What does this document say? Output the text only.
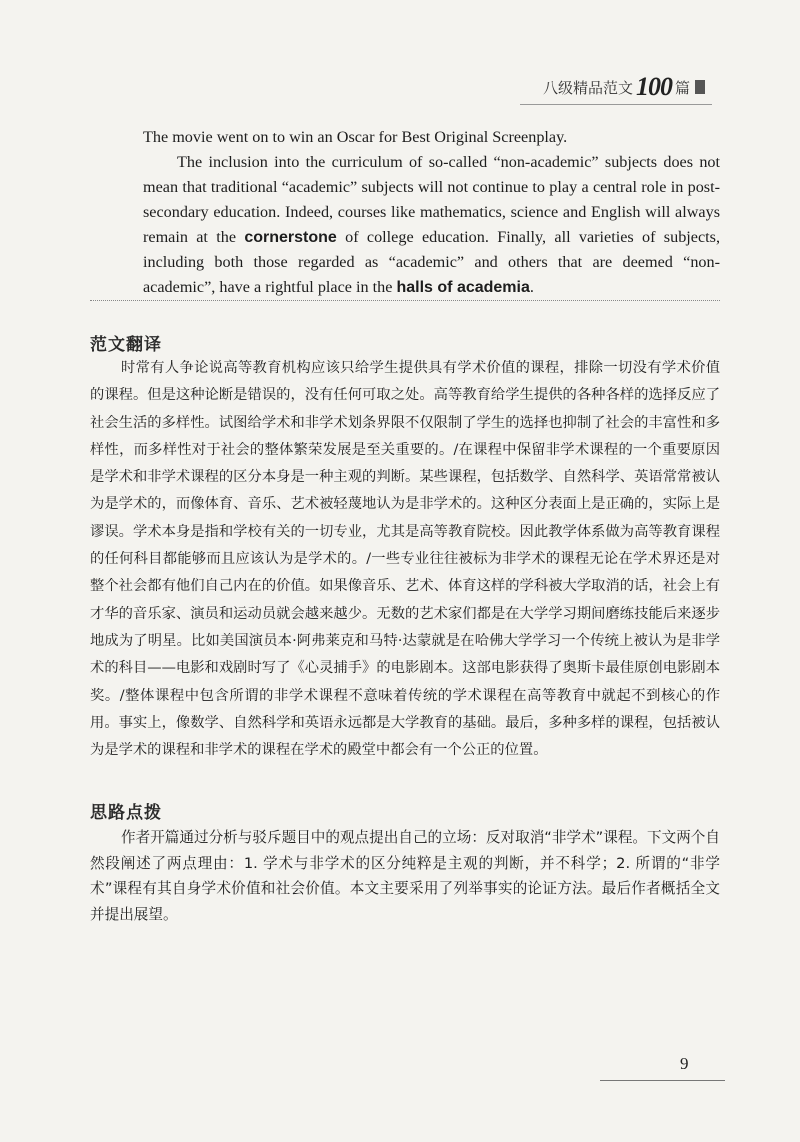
八级精品范文 100 篇

The movie went on to win an Oscar for Best Original Screenplay.

The inclusion into the curriculum of so-called “non-academic” subjects does not mean that traditional “academic” subjects will not continue to play a central role in post-secondary education. Indeed, courses like mathematics, science and English will always remain at the cornerstone of college education. Finally, all varieties of subjects, including both those regarded as “academic” and others that are deemed “non-academic”, have a rightful place in the halls of academia.

范文翻译
时常有人争论说高等教育机构应该只给学生提供具有学术价值的课程，排除一切没有学术价值的课程。但是这种论断是错误的，没有任何可取之处。高等教育给学生提供的各种各样的选择反应了社会生活的多样性。试图给学术和非学术划条界限不仅限制了学生的选择也抑制了社会的丰富性和多样性，而多样性对于社会的整体繁荣发展是至关重要的。/在课程中保留非学术课程的一个重要原因是学术和非学术课程的区分本身是一种主观的判断。某些课程，包括数学、自然科学、英语常常被认为是学术的，而像体育、音乐、艺术被轻蔑地认为是非学术的。这种区分表面上是正确的，实际上是谬误。学术本身是指和学校有关的一切专业，尤其是高等教育院校。因此教学体系做为高等教育课程的任何科目都能够而且应该认为是学术的。/一些专业往往被标为非学术的课程无论在学术界还是对整个社会都有他们自己内在的价值。如果像音乐、艺术、体育这样的学科被大学取消的话，社会上有才华的音乐家、演员和运动员就会越来越少。无数的艺术家们都是在大学学习期间磨练技能后来逐步地成为了明星。比如美国演员本·阿弗莱克和马特·达蒙就是在哈佛大学学习一个传统上被认为是非学术的科目——电影和戏剧时写了《心灵捕手》的电影剧本。这部电影获得了奥斯卡最佳原创电影剧本奖。/整体课程中包含所谓的非学术课程不意味着传统的学术课程在高等教育中就起不到核心的作用。事实上，像数学、自然科学和英语永远都是大学教育的基础。最后，多种多样的课程，包括被认为是学术的课程和非学术的课程在学术的殿堂中都会有一个公正的位置。
思路点拨
作者开篇通过分析与驳斥题目中的观点提出自己的立场：反对取消“非学术”课程。下文两个自然段阐述了两点理由：1. 学术与非学术的区分纯粹是主观的判断，并不科学；2. 所谓的“非学术”课程有其自身学术价值和社会价值。本文主要采用了列举事实的论证方法。最后作者概括全文并提出展望。
9
